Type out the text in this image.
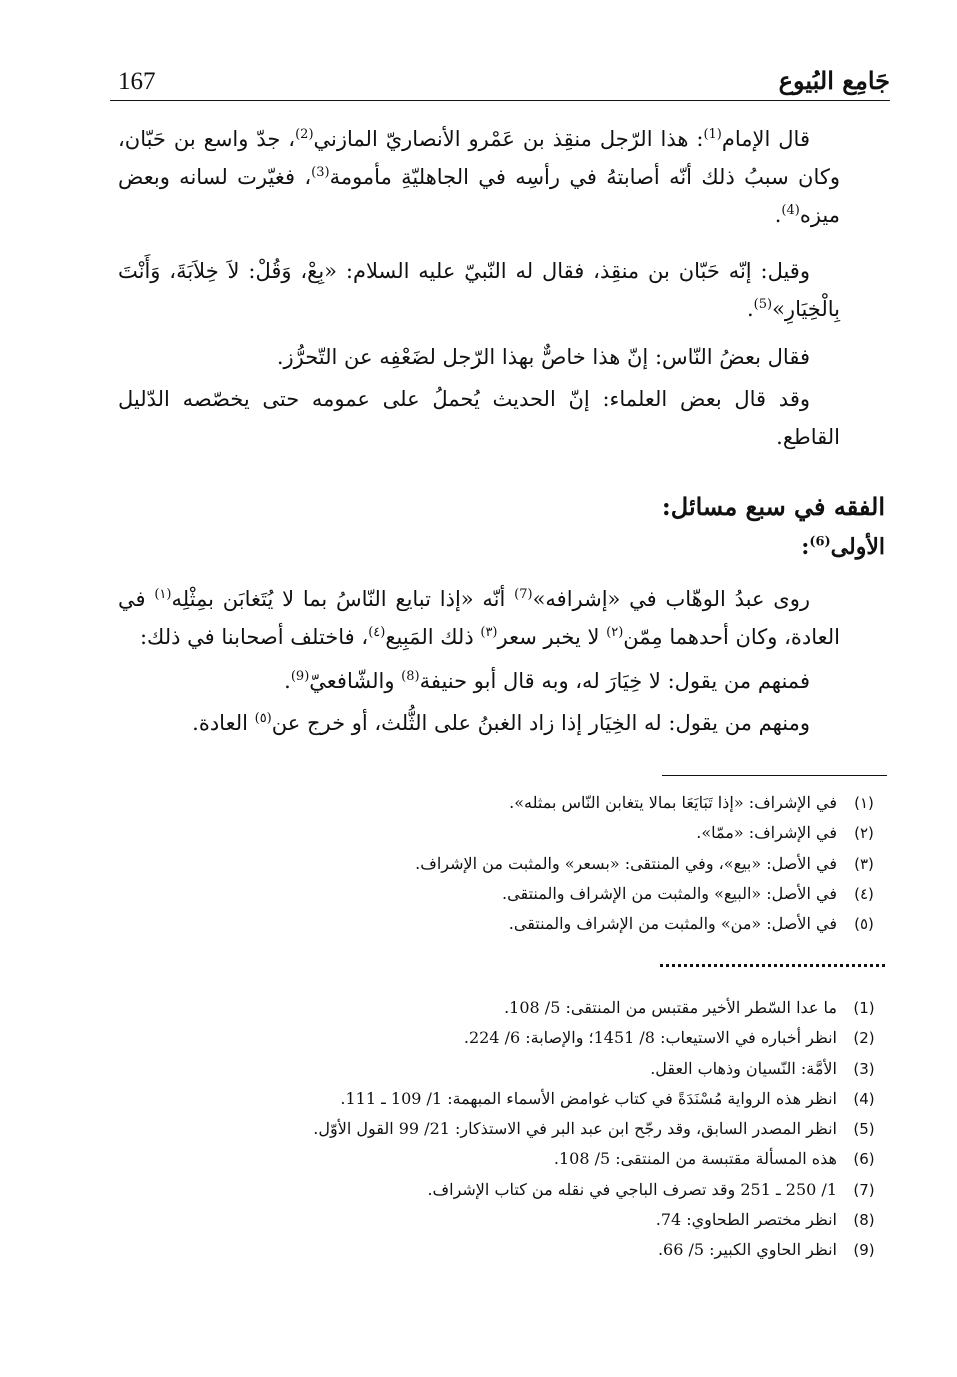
167	جَامِع البُيوع
قال الإمام$^{(1)}$: هذا الرّجل منقِذ بن عَمْرو الأنصاريّ المازني$^{(2)}$، جدّ واسع بن حَبّان، وكان سببُ ذلك أنّه أصابتهُ في رأسِه في الجاهليّةِ مأمومة$^{(3)}$، فغيّرت لسانه وبعض ميزه$^{(4)}$.
وقيل: إنّه حَبّان بن منقِذ، فقال له النّبيّ عليه السلام: «بِعْ، وَقُلْ: لاَ خِلاَبَةَ، وَأَنْتَ بِالْخِيَارِ»$^{(5)}$.
فقال بعضُ النّاس: إنّ هذا خاصٌّ بهذا الرّجل لضَعْفِه عن التّحرُّز.
وقد قال بعض العلماء: إنّ الحديث يُحملُ على عمومه حتى يخصّصه الدّليل القاطع.
الفقه في سبع مسائل:
الأولى$^{(6)}$:
روى عبدُ الوهّاب في «إشرافه»$^{(7)}$ أنّه «إذا تبايع النّاسُ بما لا يُتَغابَن بمِثْلِه$^{(١)}$ في العادة، وكان أحدهما مِمّن$^{(٢)}$ لا يخبر سعر$^{(٣)}$ ذلك المَبِيع$^{(٤)}$، فاختلف أصحابنا في ذلك:
فمنهم من يقول: لا خِيَارَ له، وبه قال أبو حنيفة$^{(8)}$ والشّافعيّ$^{(9)}$.
ومنهم من يقول: له الخِيَار إذا زاد الغبنُ على الثُّلث، أو خرج عن$^{(٥)}$ العادة.
(١)
في الإشراف: «إذا تَبَايَعَا بمالا يتغابن النّاس بمثله».
(٢)
في الإشراف: «ممّا».
(٣)
في الأصل: «بيع»، وفي المنتقى: «بسعر» والمثبت من الإشراف.
(٤)
في الأصل: «البيع» والمثبت من الإشراف والمنتقى.
(٥)
في الأصل: «من» والمثبت من الإشراف والمنتقى.
(1)
ما عدا السّطر الأخير مقتبس من المنتقى: 5/ 108.
(2)
انظر أخباره في الاستيعاب: 8/ 1451؛ والإصابة: 6/ 224.
(3)
الأمَّة: النّسيان وذهاب العقل.
(4)
انظر هذه الرواية مُسْنَدَةً في كتاب غوامض الأسماء المبهمة: 1/ 109 ـ 111.
(5)
انظر المصدر السابق، وقد رجّح ابن عبد البر في الاستذكار: 21/ 99 القول الأوّل.
(6)
هذه المسألة مقتبسة من المنتقى: 5/ 108.
(7)
1/ 250 ـ 251 وقد تصرف الباجي في نقله من كتاب الإشراف.
(8)
انظر مختصر الطحاوي: 74.
(9)
انظر الحاوي الكبير: 5/ 66.
